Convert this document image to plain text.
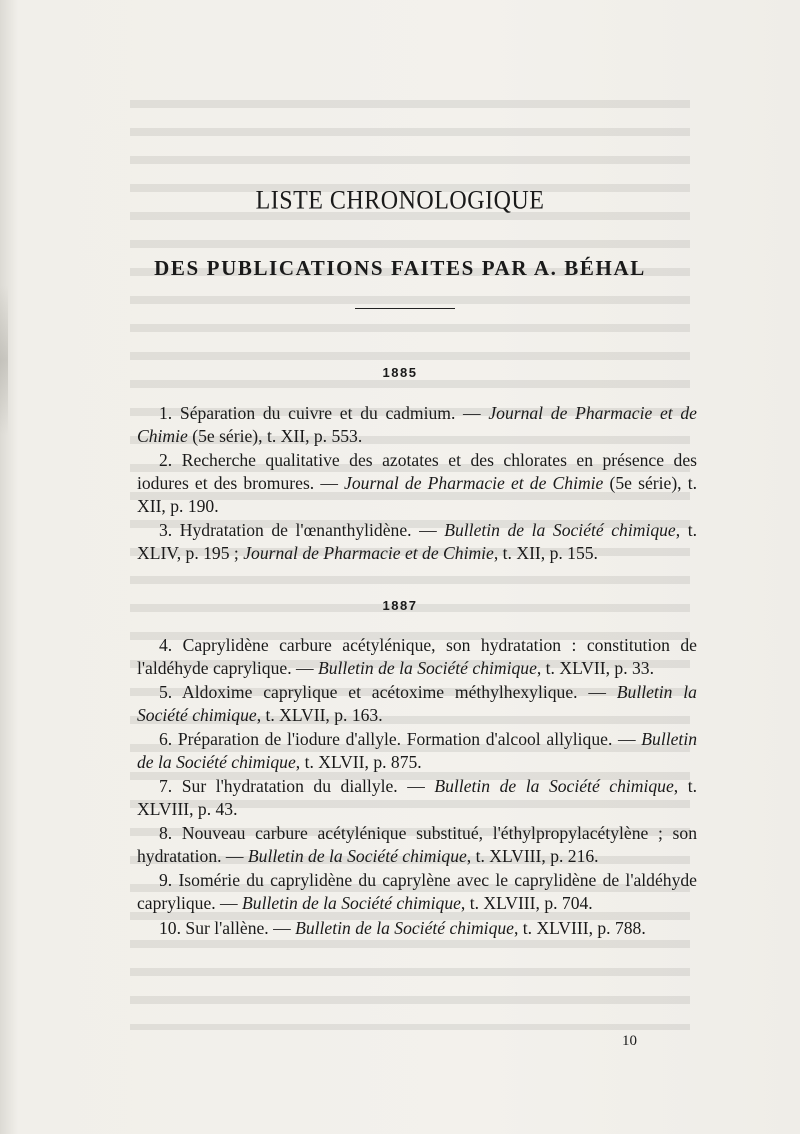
LISTE CHRONOLOGIQUE
DES PUBLICATIONS FAITES PAR A. BÉHAL
1885

1. Séparation du cuivre et du cadmium. — Journal de Pharmacie et de Chimie (5e série), t. XII, p. 553.

2. Recherche qualitative des azotates et des chlorates en présence des iodures et des bromures. — Journal de Pharmacie et de Chimie (5e série), t. XII, p. 190.

3. Hydratation de l'œnanthylidène. — Bulletin de la Société chimique, t. XLIV, p. 195 ; Journal de Pharmacie et de Chimie, t. XII, p. 155.

1887

4. Caprylidène carbure acétylénique, son hydratation : constitution de l'aldéhyde caprylique. — Bulletin de la Société chimique, t. XLVII, p. 33.

5. Aldoxime caprylique et acétoxime méthylhexylique. — Bulletin la Société chimique, t. XLVII, p. 163.

6. Préparation de l'iodure d'allyle. Formation d'alcool allylique. — Bulletin de la Société chimique, t. XLVII, p. 875.

7. Sur l'hydratation du diallyle. — Bulletin de la Société chimique, t. XLVIII, p. 43.

8. Nouveau carbure acétylénique substitué, l'éthylpropylacétylène ; son hydratation. — Bulletin de la Société chimique, t. XLVIII, p. 216.

9. Isomérie du caprylidène du caprylène avec le caprylidène de l'aldéhyde caprylique. — Bulletin de la Société chimique, t. XLVIII, p. 704.

10. Sur l'allène. — Bulletin de la Société chimique, t. XLVIII, p. 788.

10
